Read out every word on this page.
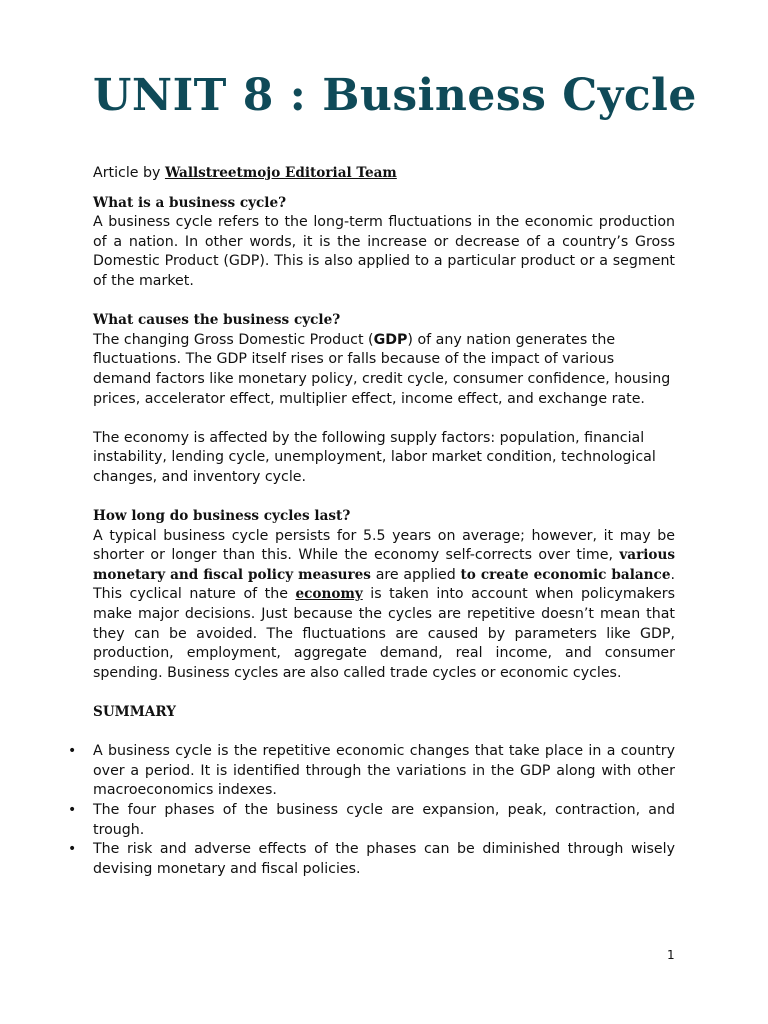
UNIT 8 : Business Cycle

Article by Wallstreetmojo Editorial Team

What is a business cycle?

A business cycle refers to the long-term fluctuations in the economic production of a nation. In other words, it is the increase or decrease of a country’s Gross Domestic Product (GDP). This is also applied to a particular product or a segment of the market.

What causes the business cycle?

The changing Gross Domestic Product (GDP) of any nation generates the fluctuations. The GDP itself rises or falls because of the impact of various demand factors like monetary policy, credit cycle, consumer confidence, housing prices, accelerator effect, multiplier effect, income effect, and exchange rate.

The economy is affected by the following supply factors: population, financial instability, lending cycle, unemployment, labor market condition, technological changes, and inventory cycle.

How long do business cycles last?

A typical business cycle persists for 5.5 years on average; however, it may be shorter or longer than this. While the economy self-corrects over time, various monetary and fiscal policy measures are applied to create economic balance. This cyclical nature of the economy is taken into account when policymakers make major decisions. Just because the cycles are repetitive doesn’t mean that they can be avoided. The fluctuations are caused by parameters like GDP, production, employment, aggregate demand, real income, and consumer spending. Business cycles are also called trade cycles or economic cycles.

SUMMARY

• A business cycle is the repetitive economic changes that take place in a country over a period. It is identified through the variations in the GDP along with other macroeconomics indexes.
• The four phases of the business cycle are expansion, peak, contraction, and trough.
• The risk and adverse effects of the phases can be diminished through wisely devising monetary and fiscal policies.
1
